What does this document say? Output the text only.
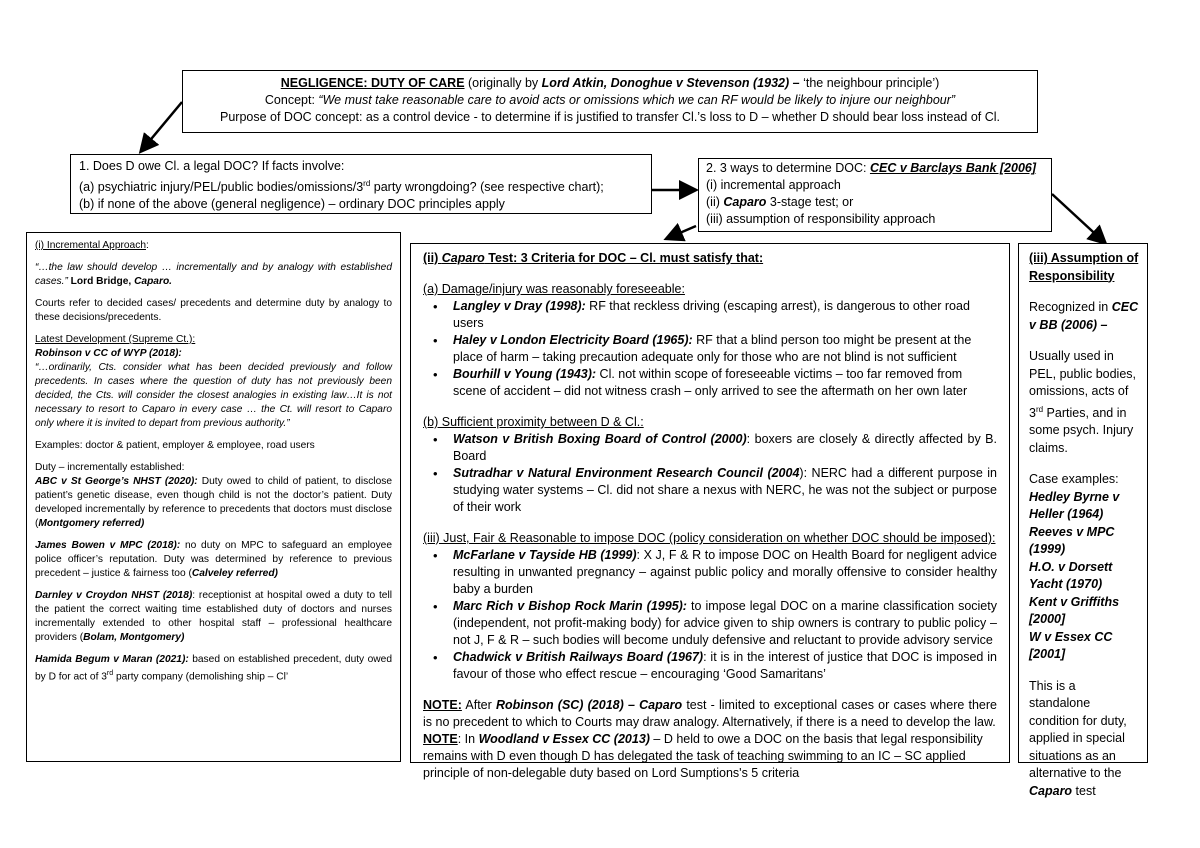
NEGLIGENCE: DUTY OF CARE (originally by Lord Atkin, Donoghue v Stevenson (1932) – ‘the neighbour principle’)

Concept: “We must take reasonable care to avoid acts or omissions which we can RF would be likely to injure our neighbour”

Purpose of DOC concept: as a control device - to determine if is justified to transfer Cl.’s loss to D – whether D should bear loss instead of Cl.

1. Does D owe Cl. a legal DOC? If facts involve:

(a) psychiatric injury/PEL/public bodies/omissions/3rd party wrongdoing? (see respective chart);

(b) if none of the above (general negligence) – ordinary DOC principles apply

2. 3 ways to determine DOC: CEC v Barclays Bank [2006]

(i) incremental approach

(ii) Caparo 3-stage test; or

(iii) assumption of responsibility approach

(i) Incremental Approach:

“…the law should develop … incrementally and by analogy with established cases.” Lord Bridge, Caparo.

Courts refer to decided cases/ precedents and determine duty by analogy to these decisions/precedents.

Latest Development (Supreme Ct.):

Robinson v CC of WYP (2018):

“…ordinarily, Cts. consider what has been decided previously and follow precedents. In cases where the question of duty has not previously been decided, the Cts. will consider the closest analogies in existing law…It is not necessary to resort to Caparo in every case … the Ct. will resort to Caparo only where it is invited to depart from previous authority.”

Examples: doctor & patient, employer & employee, road users

Duty – incrementally established:

ABC v St George’s NHST (2020): Duty owed to child of patient, to disclose patient’s genetic disease, even though child is not the doctor’s patient. Duty developed incrementally by reference to precedents that doctors must disclose (Montgomery referred)

James Bowen v MPC (2018): no duty on MPC to safeguard an employee police officer’s reputation. Duty was determined by reference to previous precedent – justice & fairness too (Calveley referred)

Darnley v Croydon NHST (2018): receptionist at hospital owed a duty to tell the patient the correct waiting time established duty of doctors and nurses incrementally extended to other hospital staff – professional healthcare providers (Bolam, Montgomery)

Hamida Begum v Maran (2021): based on established precedent, duty owed by D for act of 3rd party company (demolishing ship – Cl’

(ii) Caparo Test: 3 Criteria for DOC – Cl. must satisfy that:

(a) Damage/injury was reasonably foreseeable:

• Langley v Dray (1998): RF that reckless driving (escaping arrest), is dangerous to other road users
• Haley v London Electricity Board (1965): RF that a blind person too might be present at the place of harm – taking precaution adequate only for those who are not blind is not sufficient
• Bourhill v Young (1943): Cl. not within scope of foreseeable victims – too far removed from scene of accident – did not witness crash – only arrived to see the aftermath on her own later

(b) Sufficient proximity between D & Cl.:

• Watson v British Boxing Board of Control (2000): boxers are closely & directly affected by B. Board
• Sutradhar v Natural Environment Research Council (2004): NERC had a different purpose in studying water systems – Cl. did not share a nexus with NERC, he was not the subject or purpose of their work

(iii) Just, Fair & Reasonable to impose DOC (policy consideration on whether DOC should be imposed):

• McFarlane v Tayside HB (1999): X J, F & R to impose DOC on Health Board for negligent advice resulting in unwanted pregnancy – against public policy and morally offensive to consider healthy baby a burden
• Marc Rich v Bishop Rock Marin (1995): to impose legal DOC on a marine classification society (independent, not profit-making body) for advice given to ship owners is contrary to public policy – not J, F & R – such bodies will become unduly defensive and reluctant to provide advisory service
• Chadwick v British Railways Board (1967): it is in the interest of justice that DOC is imposed in favour of those who effect rescue – encouraging ‘Good Samaritans’

NOTE: After Robinson (SC) (2018) – Caparo test - limited to exceptional cases or cases where there is no precedent to which to Courts may draw analogy. Alternatively, if there is a need to develop the law.

NOTE: In Woodland v Essex CC (2013) – D held to owe a DOC on the basis that legal responsibility remains with D even though D has delegated the task of teaching swimming to an IC – SC applied principle of non-delegable duty based on Lord Sumptions's 5 criteria

(iii) Assumption of Responsibility

Recognized in CEC v BB (2006) –

Usually used in PEL, public bodies, omissions, acts of 3rd Parties, and in some psych. Injury claims.

Case examples:

Hedley Byrne v Heller (1964)

Reeves v MPC (1999)

H.O. v Dorsett Yacht (1970)

Kent v Griffiths [2000]

W v Essex CC [2001]

This is a standalone condition for duty, applied in special situations as an alternative to the Caparo test
